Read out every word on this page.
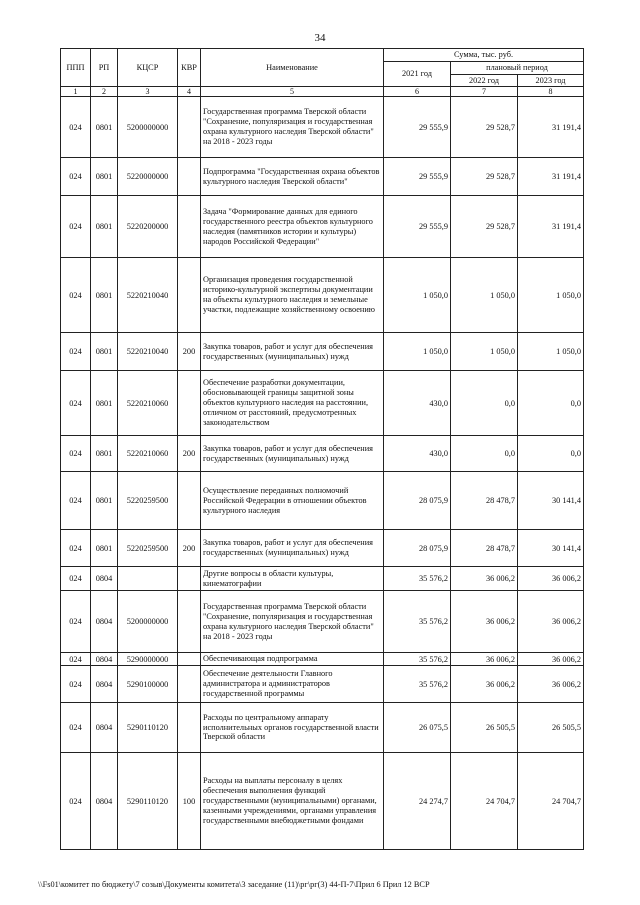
34
ППП	РП	КЦСР	КВР	Наименование	Сумма, тыс. руб.		
					2021 год	плановый период	
						2022 год	2023 год
1	2	3	4	5	6	7	8
024	0801	5200000000		Государственная программа Тверской области "Сохранение, популяризация и государственная охрана культурного наследия Тверской области" на 2018 - 2023 годы	29 555,9	29 528,7	31 191,4
024	0801	5220000000		Подпрограмма "Государственная охрана объектов культурного наследия Тверской области"	29 555,9	29 528,7	31 191,4
024	0801	5220200000		Задача "Формирование данных для единого государственного реестра объектов культурного наследия (памятников истории и культуры) народов Российской Федерации"	29 555,9	29 528,7	31 191,4
024	0801	5220210040		Организация проведения государственной историко-культурной экспертизы документации на объекты культурного наследия и земельные участки, подлежащие хозяйственному освоению	1 050,0	1 050,0	1 050,0
024	0801	5220210040	200	Закупка товаров, работ и услуг для обеспечения государственных (муниципальных) нужд	1 050,0	1 050,0	1 050,0
024	0801	5220210060		Обеспечение разработки документации, обосновывающей границы защитной зоны объектов культурного наследия на расстоянии, отличном от расстояний, предусмотренных законодательством	430,0	0,0	0,0
024	0801	5220210060	200	Закупка товаров, работ и услуг для обеспечения государственных (муниципальных) нужд	430,0	0,0	0,0
024	0801	5220259500		Осуществление переданных полномочий Российской Федерации в отношении объектов культурного наследия	28 075,9	28 478,7	30 141,4
024	0801	5220259500	200	Закупка товаров, работ и услуг для обеспечения государственных (муниципальных) нужд	28 075,9	28 478,7	30 141,4
024	0804			Другие вопросы в области культуры, кинематографии	35 576,2	36 006,2	36 006,2
024	0804	5200000000		Государственная программа Тверской области "Сохранение, популяризация и государственная охрана культурного наследия Тверской области" на 2018 - 2023 годы	35 576,2	36 006,2	36 006,2
024	0804	5290000000		Обеспечивающая подпрограмма	35 576,2	36 006,2	36 006,2
024	0804	5290100000		Обеспечение деятельности Главного администратора и администраторов государственной программы	35 576,2	36 006,2	36 006,2
024	0804	5290110120		Расходы по центральному аппарату исполнительных органов государственной власти Тверской области	26 075,5	26 505,5	26 505,5
024	0804	5290110120	100	Расходы на выплаты персоналу в целях обеспечения выполнения функций государственными (муниципальными) органами, казенными учреждениями, органами управления государственными внебюджетными фондами	24 274,7	24 704,7	24 704,7
\\Fs01\комитет по бюджету\7 созыв\Документы комитета\3 заседание (11)\рг\рг(3) 44-П-7\Прил 6 Прил 12 ВСР
